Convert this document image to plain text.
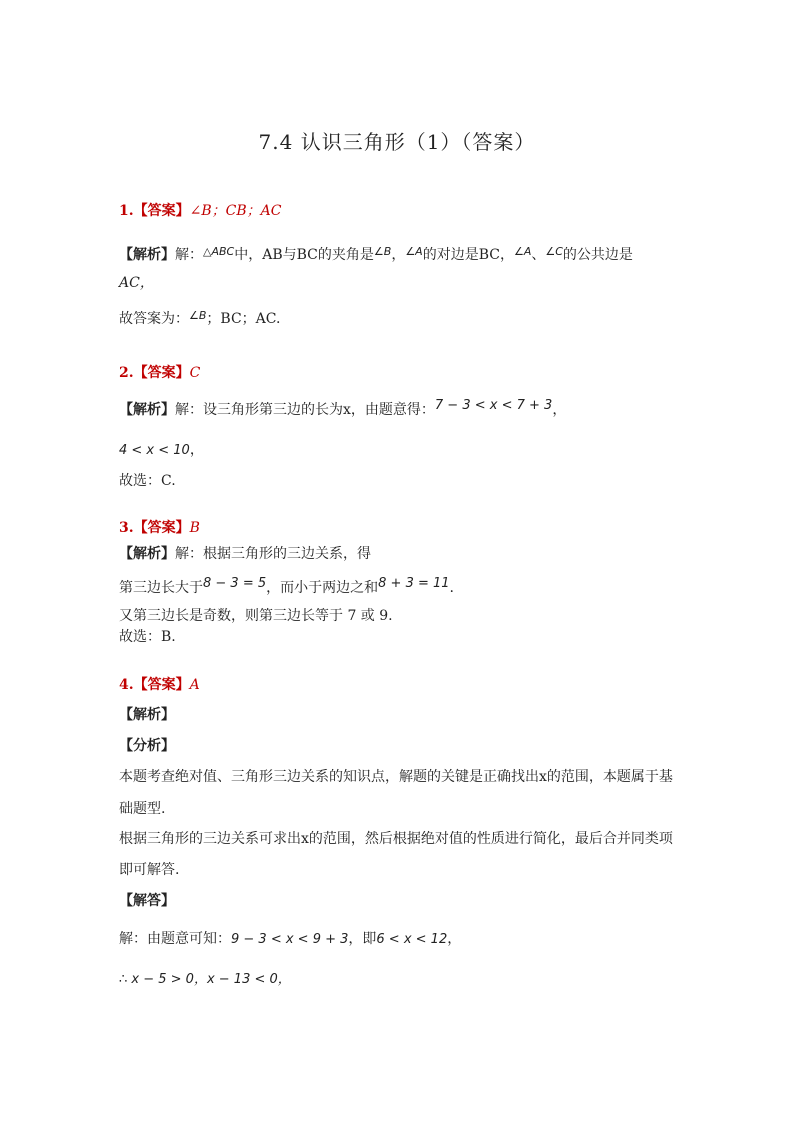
7.4 认识三角形（1）（答案）
1.【答案】∠B；CB；AC
【解析】解：$^{\triangle ABC}$中，AB与BC的夹角是$^{\angle B}$，$^{\angle A}$的对边是BC，$^{\angle A}$、$^{\angle C}$的公共边是
AC，
故答案为：$^{\angle B}$；BC；AC.
2.【答案】C
【解析】解：设三角形第三边的长为x，由题意得：7 − 3 < x < 7 + 3，
4 < x < 10，
故选：C.
3.【答案】B
【解析】解：根据三角形的三边关系，得
第三边长大于8 − 3 = 5，而小于两边之和8 + 3 = 11.
又第三边长是奇数，则第三边长等于 7 或 9.
故选：B.
4.【答案】A
【解析】
【分析】
本题考查绝对值、三角形三边关系的知识点，解题的关键是正确找出x的范围，本题属于基
础题型.
根据三角形的三边关系可求出x的范围，然后根据绝对值的性质进行简化，最后合并同类项
即可解答.
【解答】
解：由题意可知：9 − 3 < x < 9 + 3，即6 < x < 12，
∴ x − 5 > 0，x − 13 < 0，
